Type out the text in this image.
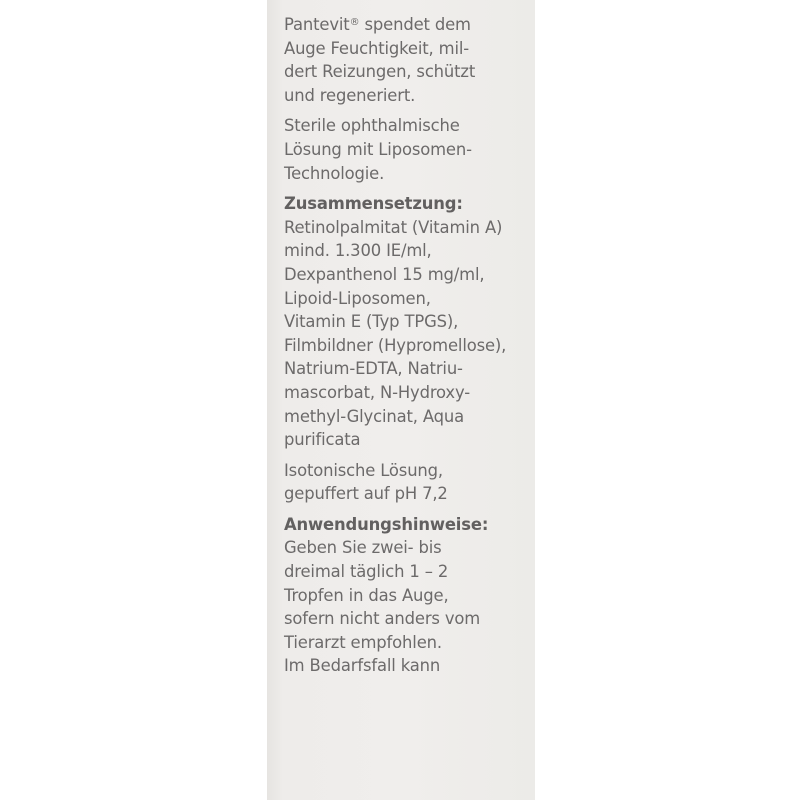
Pantevit® spendet dem
Auge Feuchtigkeit, mil-
dert Reizungen, schützt
und regeneriert.
Sterile ophthalmische
Lösung mit Liposomen-
Technologie.
Zusammensetzung:
Retinolpalmitat (Vitamin A)
mind. 1.300 IE/ml,
Dexpanthenol 15 mg/ml,
Lipoid-Liposomen,
Vitamin E (Typ TPGS),
Filmbildner (Hypromellose),
Natrium-EDTA, Natriu-
mascorbat, N-Hydroxy-
methyl-Glycinat, Aqua
purificata
Isotonische Lösung,
gepuffert auf pH 7,2
Anwendungshinweise:
Geben Sie zwei- bis
dreimal täglich 1 – 2
Tropfen in das Auge,
sofern nicht anders vom
Tierarzt empfohlen.
Im Bedarfsfall kann
